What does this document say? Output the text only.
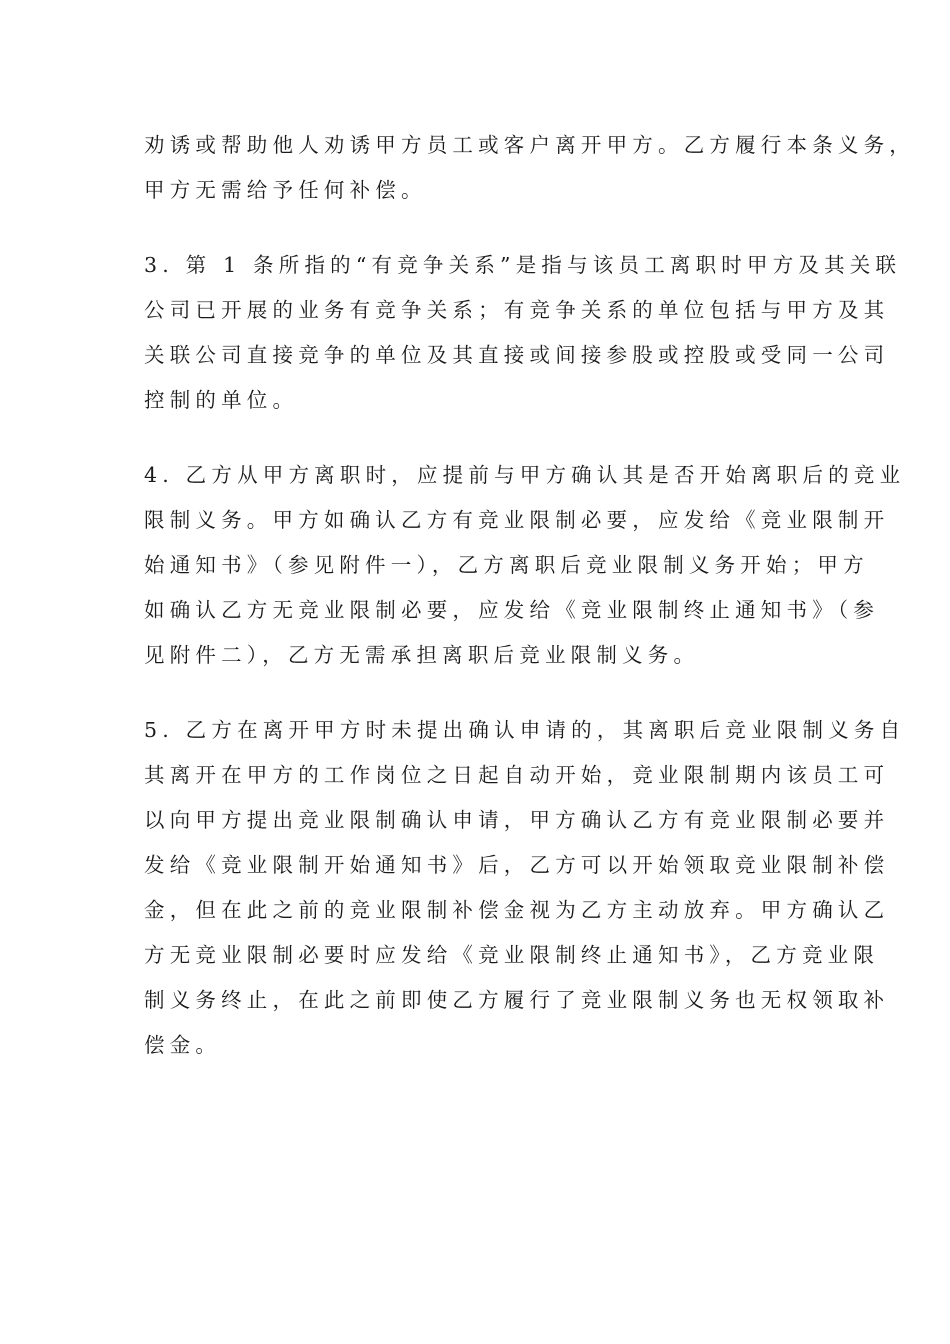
劝诱或帮助他人劝诱甲方员工或客户离开甲方。乙方履行本条义务，
甲方无需给予任何补偿。

3. 第 1 条所指的“有竞争关系”是指与该员工离职时甲方及其关联
公司已开展的业务有竞争关系；有竞争关系的单位包括与甲方及其
关联公司直接竞争的单位及其直接或间接参股或控股或受同一公司
控制的单位。

4. 乙方从甲方离职时，应提前与甲方确认其是否开始离职后的竞业
限制义务。甲方如确认乙方有竞业限制必要，应发给《竞业限制开
始通知书》（参见附件一），乙方离职后竞业限制义务开始；甲方
如确认乙方无竞业限制必要，应发给《竞业限制终止通知书》（参
见附件二），乙方无需承担离职后竞业限制义务。

5. 乙方在离开甲方时未提出确认申请的，其离职后竞业限制义务自
其离开在甲方的工作岗位之日起自动开始，竞业限制期内该员工可
以向甲方提出竞业限制确认申请，甲方确认乙方有竞业限制必要并
发给《竞业限制开始通知书》后，乙方可以开始领取竞业限制补偿
金，但在此之前的竞业限制补偿金视为乙方主动放弃。甲方确认乙
方无竞业限制必要时应发给《竞业限制终止通知书》，乙方竞业限
制义务终止，在此之前即使乙方履行了竞业限制义务也无权领取补
偿金。
